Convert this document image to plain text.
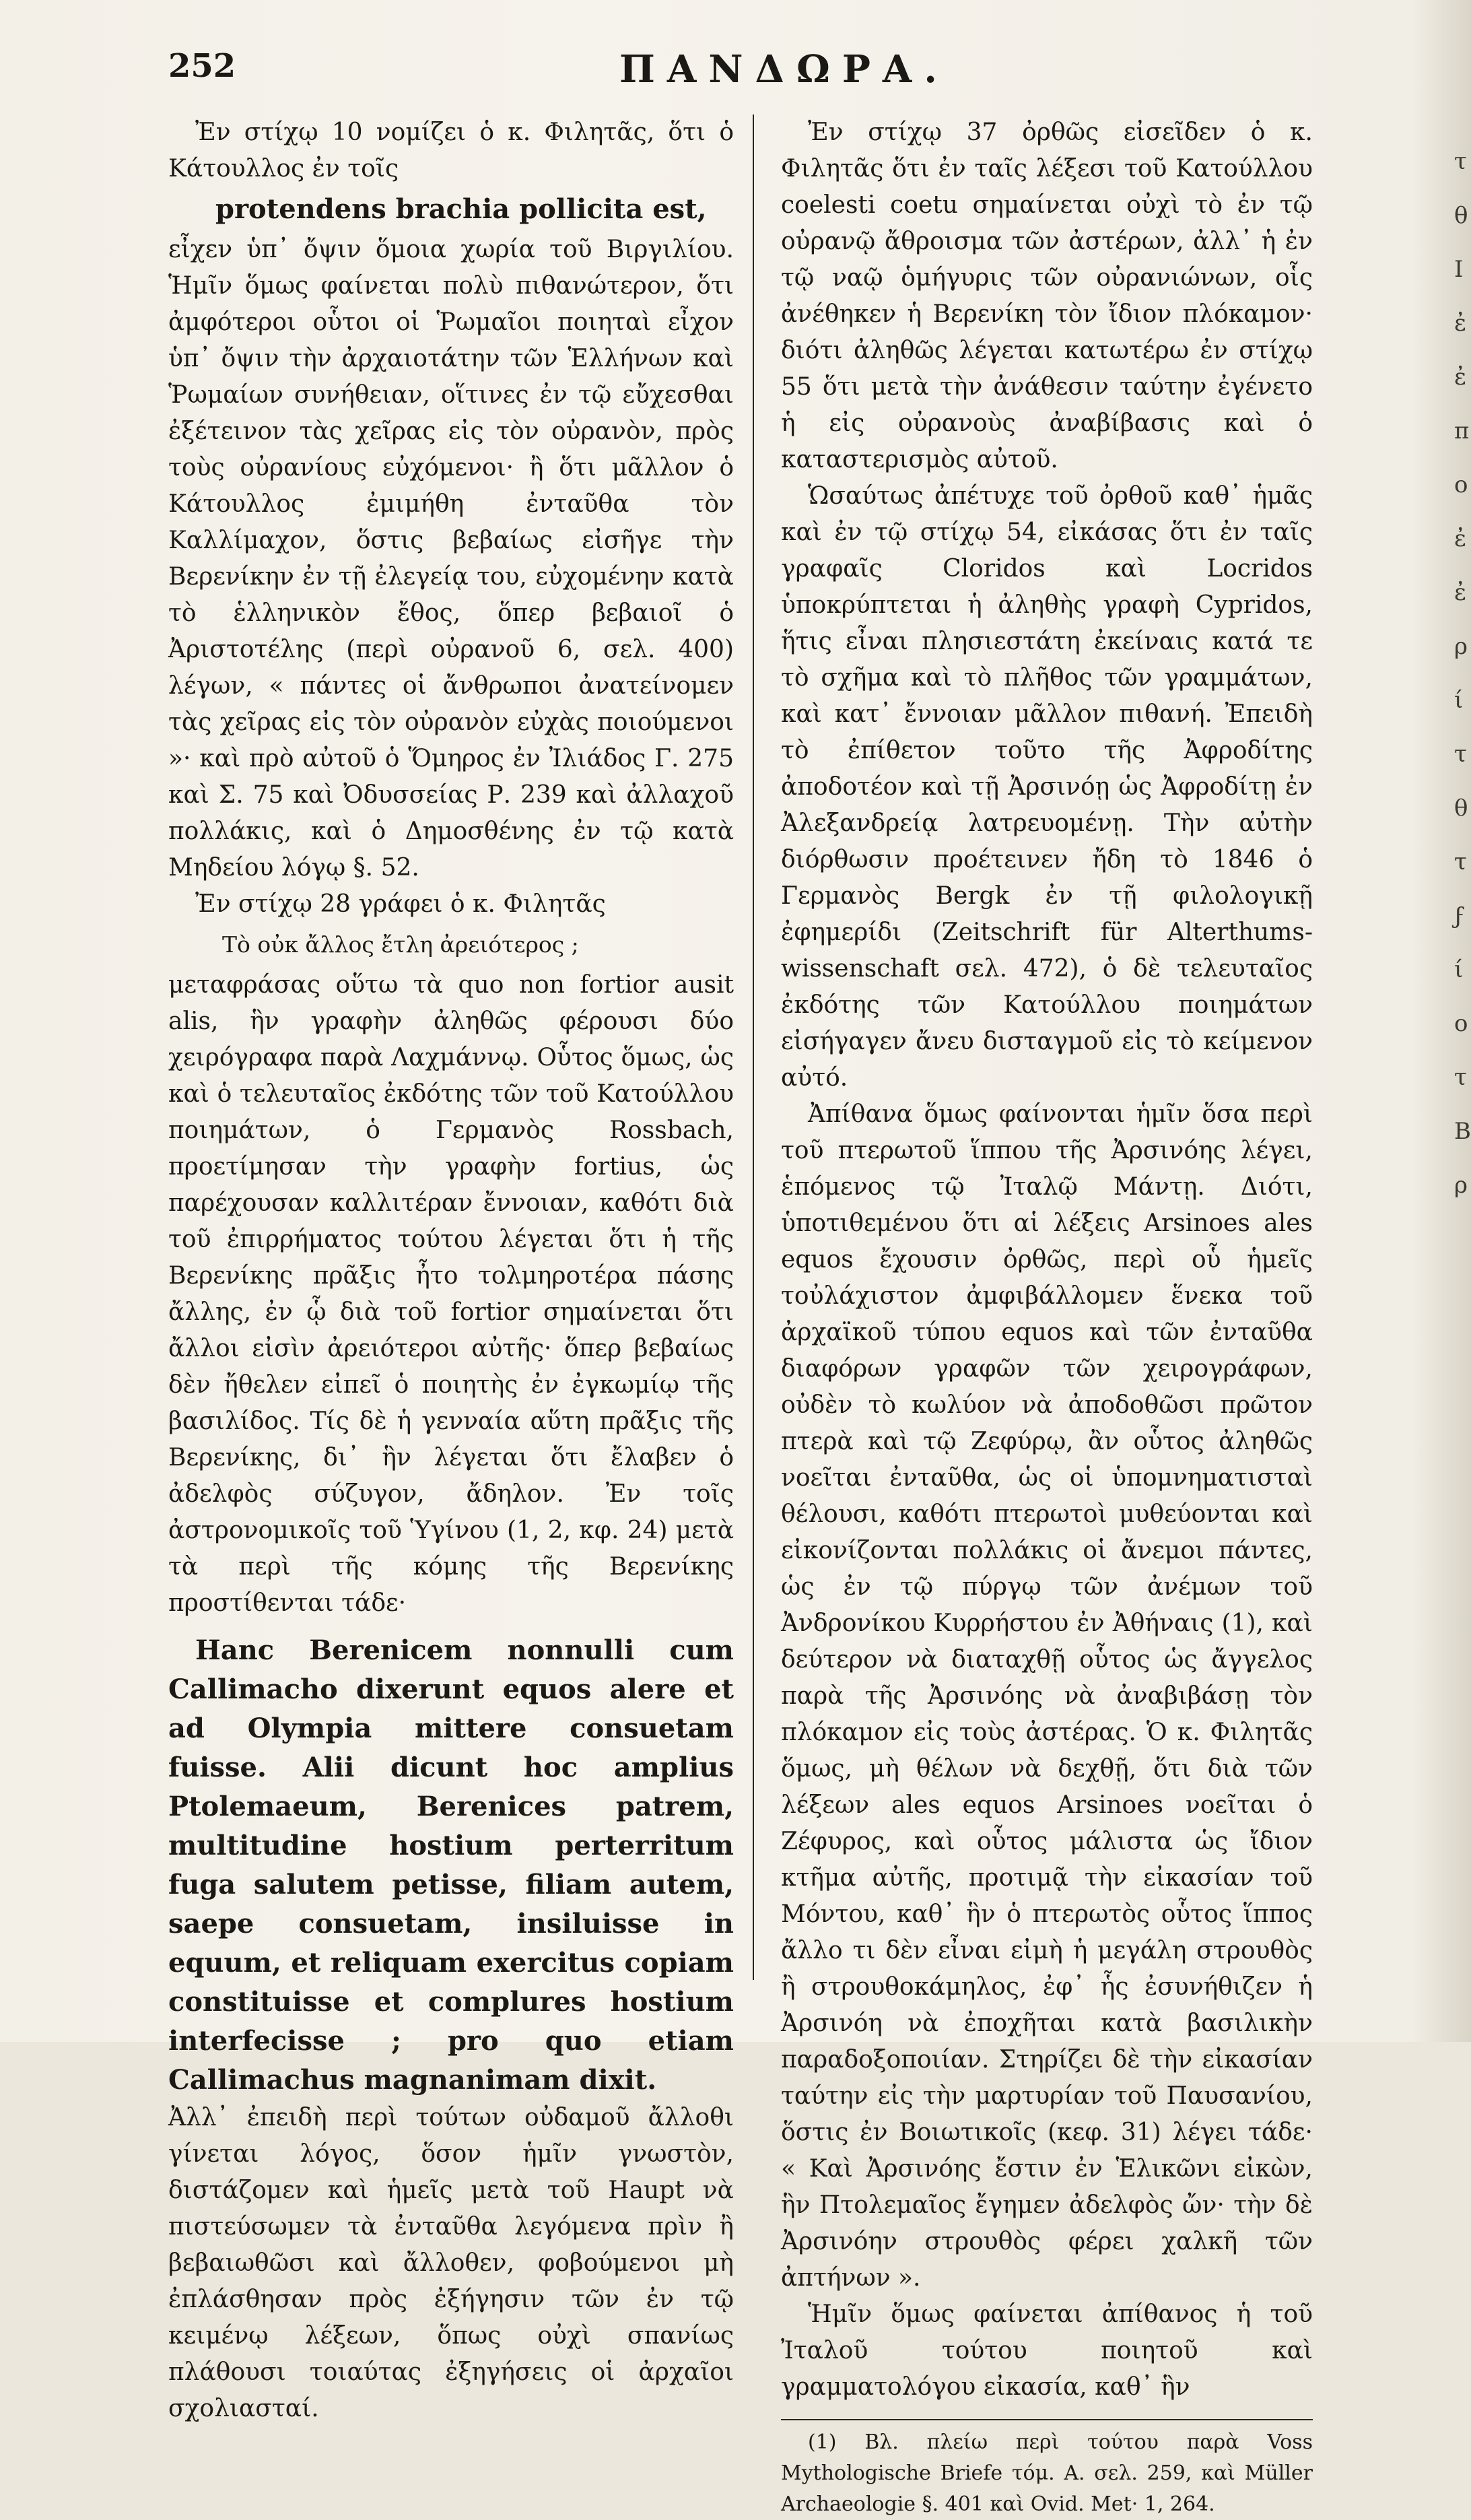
252	ΠΑΝΔΩΡΑ.

Ἐν στίχῳ 10 νομίζει ὁ κ. Φιλητᾶς, ὅτι ὁ Κάτουλλος ἐν τοῖς

protendens brachia pollicita est,

εἶχεν ὑπ᾽ ὄψιν ὅμοια χωρία τοῦ Βιργιλίου. Ἡμῖν ὅμως φαίνεται πολὺ πιθανώτερον, ὅτι ἀμφότεροι οὗτοι οἱ Ῥωμαῖοι ποιηταὶ εἶχον ὑπ᾽ ὄψιν τὴν ἀρχαιοτάτην τῶν Ἑλλήνων καὶ Ῥωμαίων συνήθειαν, οἵτινες ἐν τῷ εὔχεσθαι ἐξέτεινον τὰς χεῖρας εἰς τὸν οὐρανὸν, πρὸς τοὺς οὐρανίους εὐχόμενοι· ἢ ὅτι μᾶλλον ὁ Κάτουλλος ἐμιμήθη ἐνταῦθα τὸν Καλλίμαχον, ὅστις βεβαίως εἰσῆγε τὴν Βερενίκην ἐν τῇ ἐλεγείᾳ του, εὐχομένην κατὰ τὸ ἑλληνικὸν ἔθος, ὅπερ βεβαιοῖ ὁ Ἀριστοτέλης (περὶ οὐρανοῦ 6, σελ. 400) λέγων, « πάντες οἱ ἄνθρωποι ἀνατείνομεν τὰς χεῖρας εἰς τὸν οὐρανὸν εὐχὰς ποιούμενοι »· καὶ πρὸ αὐτοῦ ὁ Ὅμηρος ἐν Ἰλιάδος Γ. 275 καὶ Σ. 75 καὶ Ὀδυσσείας Ρ. 239 καὶ ἀλλαχοῦ πολλάκις, καὶ ὁ Δημοσθένης ἐν τῷ κατὰ Μηδείου λόγῳ §. 52.

Ἐν στίχῳ 28 γράφει ὁ κ. Φιλητᾶς

Τὸ οὐκ ἄλλος ἔτλη ἀρειότερος ;

μεταφράσας οὕτω τὰ quo non fortior ausit alis, ἣν γραφὴν ἀληθῶς φέρουσι δύο χειρόγραφα παρὰ Λαχμάννῳ. Οὗτος ὅμως, ὡς καὶ ὁ τελευταῖος ἐκδότης τῶν τοῦ Κατούλλου ποιημάτων, ὁ Γερμανὸς Rossbach, προετίμησαν τὴν γραφὴν fortius, ὡς παρέχουσαν καλλιτέραν ἔννοιαν, καθότι διὰ τοῦ ἐπιρρήματος τούτου λέγεται ὅτι ἡ τῆς Βερενίκης πρᾶξις ἦτο τολμηροτέρα πάσης ἄλλης, ἐν ᾧ διὰ τοῦ fortior σημαίνεται ὅτι ἄλλοι εἰσὶν ἀρειότεροι αὐτῆς· ὅπερ βεβαίως δὲν ἤθελεν εἰπεῖ ὁ ποιητὴς ἐν ἐγκωμίῳ τῆς βασιλίδος. Τίς δὲ ἡ γενναία αὕτη πρᾶξις τῆς Βερενίκης, δι᾽ ἣν λέγεται ὅτι ἔλαβεν ὁ ἀδελφὸς σύζυγον, ἄδηλον. Ἐν τοῖς ἀστρονομικοῖς τοῦ Ὑγίνου (1, 2, κφ. 24) μετὰ τὰ περὶ τῆς κόμης τῆς Βερενίκης προστίθενται τάδε·

Hanc Berenicem nonnulli cum Callimacho dixerunt equos alere et ad Olympia mittere consuetam fuisse. Alii dicunt hoc amplius Ptolemaeum, Berenices patrem, multitudine hostium perterritum fuga salutem petisse, filiam autem, saepe consuetam, insiluisse in equum, et reliquam exercitus copiam constituisse et complures hostium interfecisse ; pro quo etiam Callimachus magnanimam dixit.

Ἀλλ᾽ ἐπειδὴ περὶ τούτων οὐδαμοῦ ἄλλοθι γίνεται λόγος, ὅσον ἡμῖν γνωστὸν, διστάζομεν καὶ ἡμεῖς μετὰ τοῦ Haupt νὰ πιστεύσωμεν τὰ ἐνταῦθα λεγόμενα πρὶν ἢ βεβαιωθῶσι καὶ ἄλλοθεν, φοβούμενοι μὴ ἐπλάσθησαν πρὸς ἐξήγησιν τῶν ἐν τῷ κειμένῳ λέξεων, ὅπως οὐχὶ σπανίως πλάθουσι τοιαύτας ἐξηγήσεις οἱ ἀρχαῖοι σχολιασταί.

Ἐν στίχῳ 37 ὀρθῶς εἰσεῖδεν ὁ κ. Φιλητᾶς ὅτι ἐν ταῖς λέξεσι τοῦ Κατούλλου coelesti coetu σημαίνεται οὐχὶ τὸ ἐν τῷ οὐρανῷ ἄθροισμα τῶν ἀστέρων, ἀλλ᾽ ἡ ἐν τῷ ναῷ ὁμήγυρις τῶν οὐρανιώνων, οἷς ἀνέθηκεν ἡ Βερενίκη τὸν ἴδιον πλόκαμον· διότι ἀληθῶς λέγεται κατωτέρω ἐν στίχῳ 55 ὅτι μετὰ τὴν ἀνάθεσιν ταύτην ἐγένετο ἡ εἰς οὐρανοὺς ἀναβίβασις καὶ ὁ καταστερισμὸς αὐτοῦ.

Ὡσαύτως ἀπέτυχε τοῦ ὀρθοῦ καθ᾽ ἡμᾶς καὶ ἐν τῷ στίχῳ 54, εἰκάσας ὅτι ἐν ταῖς γραφαῖς Cloridos καὶ Locridos ὑποκρύπτεται ἡ ἀληθὴς γραφὴ Cypridos, ἥτις εἶναι πλησιεστάτη ἐκείναις κατά τε τὸ σχῆμα καὶ τὸ πλῆθος τῶν γραμμάτων, καὶ κατ᾽ ἔννοιαν μᾶλλον πιθανή. Ἐπειδὴ τὸ ἐπίθετον τοῦτο τῆς Ἀφροδίτης ἀποδοτέον καὶ τῇ Ἀρσινόῃ ὡς Ἀφροδίτῃ ἐν Ἀλεξανδρείᾳ λατρευομένῃ. Τὴν αὐτὴν διόρθωσιν προέτεινεν ἤδη τὸ 1846 ὁ Γερμανὸς Bergk ἐν τῇ φιλολογικῇ ἐφημερίδι (Zeitschrift für Alterthums-wissenschaft σελ. 472), ὁ δὲ τελευταῖος ἐκδότης τῶν Κατούλλου ποιημάτων εἰσήγαγεν ἄνευ δισταγμοῦ εἰς τὸ κείμενον αὐτό.

Ἀπίθανα ὅμως φαίνονται ἡμῖν ὅσα περὶ τοῦ πτερωτοῦ ἵππου τῆς Ἀρσινόης λέγει, ἑπόμενος τῷ Ἰταλῷ Μάντῃ. Διότι, ὑποτιθεμένου ὅτι αἱ λέξεις Arsinoes ales equos ἔχουσιν ὀρθῶς, περὶ οὗ ἡμεῖς τοὐλάχιστον ἀμφιβάλλομεν ἕνεκα τοῦ ἀρχαϊκοῦ τύπου equos καὶ τῶν ἐνταῦθα διαφόρων γραφῶν τῶν χειρογράφων, οὐδὲν τὸ κωλύον νὰ ἀποδοθῶσι πρῶτον πτερὰ καὶ τῷ Ζεφύρῳ, ἂν οὗτος ἀληθῶς νοεῖται ἐνταῦθα, ὡς οἱ ὑπομνηματισταὶ θέλουσι, καθότι πτερωτοὶ μυθεύονται καὶ εἰκονίζονται πολλάκις οἱ ἄνεμοι πάντες, ὡς ἐν τῷ πύργῳ τῶν ἀνέμων τοῦ Ἀνδρονίκου Κυρρήστου ἐν Ἀθήναις (1), καὶ δεύτερον νὰ διαταχθῇ οὗτος ὡς ἄγγελος παρὰ τῆς Ἀρσινόης νὰ ἀναβιβάσῃ τὸν πλόκαμον εἰς τοὺς ἀστέρας. Ὁ κ. Φιλητᾶς ὅμως, μὴ θέλων νὰ δεχθῇ, ὅτι διὰ τῶν λέξεων ales equos Arsinoes νοεῖται ὁ Ζέφυρος, καὶ οὗτος μάλιστα ὡς ἴδιον κτῆμα αὐτῆς, προτιμᾷ τὴν εἰκασίαν τοῦ Μόντου, καθ᾽ ἣν ὁ πτερωτὸς οὗτος ἵππος ἄλλο τι δὲν εἶναι εἰμὴ ἡ μεγάλη στρουθὸς ἢ στρουθοκάμηλος, ἐφ᾽ ἧς ἐσυνήθιζεν ἡ Ἀρσινόη νὰ ἐποχῆται κατὰ βασιλικὴν παραδοξοποιίαν. Στηρίζει δὲ τὴν εἰκασίαν ταύτην εἰς τὴν μαρτυρίαν τοῦ Παυσανίου, ὅστις ἐν Βοιωτικοῖς (κεφ. 31) λέγει τάδε· « Καὶ Ἀρσινόης ἔστιν ἐν Ἑλικῶνι εἰκὼν, ἣν Πτολεμαῖος ἔγημεν ἀδελφὸς ὤν· τὴν δὲ Ἀρσινόην στρουθὸς φέρει χαλκῆ τῶν ἀπτήνων ».

Ἡμῖν ὅμως φαίνεται ἀπίθανος ἡ τοῦ Ἰταλοῦ τούτου ποιητοῦ καὶ γραμματολόγου εἰκασία, καθ᾽ ἣν

(1) Βλ. πλείω περὶ τούτου παρὰ Voss Mythologische Briefe τόμ. Α. σελ. 259, καὶ Müller Archaeologie §. 401 καὶ Ovid. Met· 1, 264.

τ
θ
Ι
ἐ
ἐ
π
ο
ἐ
ἐ
ρ
ί
τ
θ
τ
ϝ
ί
ο
τ
Β
ρ
